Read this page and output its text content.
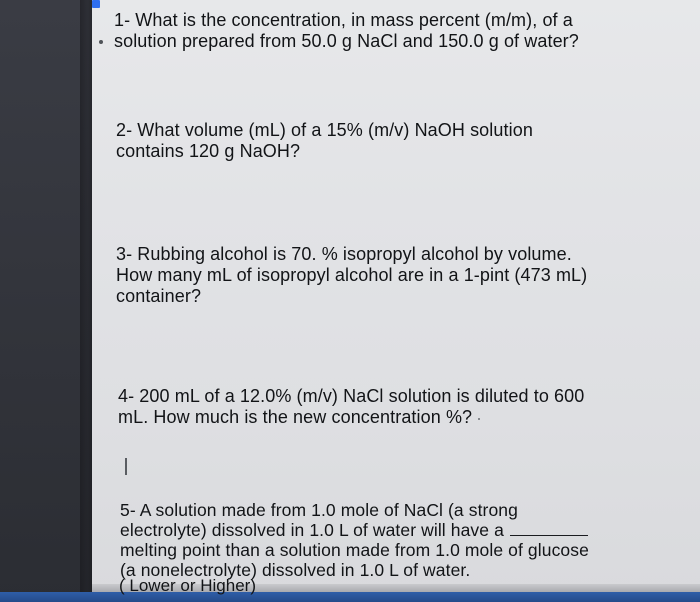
1- What is the concentration, in mass percent (m/m), of a
solution prepared from 50.0 g NaCl and 150.0 g of water?
2- What volume (mL) of a 15% (m/v) NaOH solution
contains 120 g NaOH?
3- Rubbing alcohol is 70. % isopropyl alcohol by volume.
How many mL of isopropyl alcohol are in a 1-pint (473 mL)
container?
4- 200 mL of a 12.0% (m/v) NaCl solution is diluted to 600
mL. How much is the new concentration %?
5- A solution made from 1.0 mole of NaCl (a strong
electrolyte) dissolved in 1.0 L of water will have a
melting point than a solution made from 1.0 mole of glucose
(a nonelectrolyte) dissolved in 1.0 L of water.
( Lower or Higher)
